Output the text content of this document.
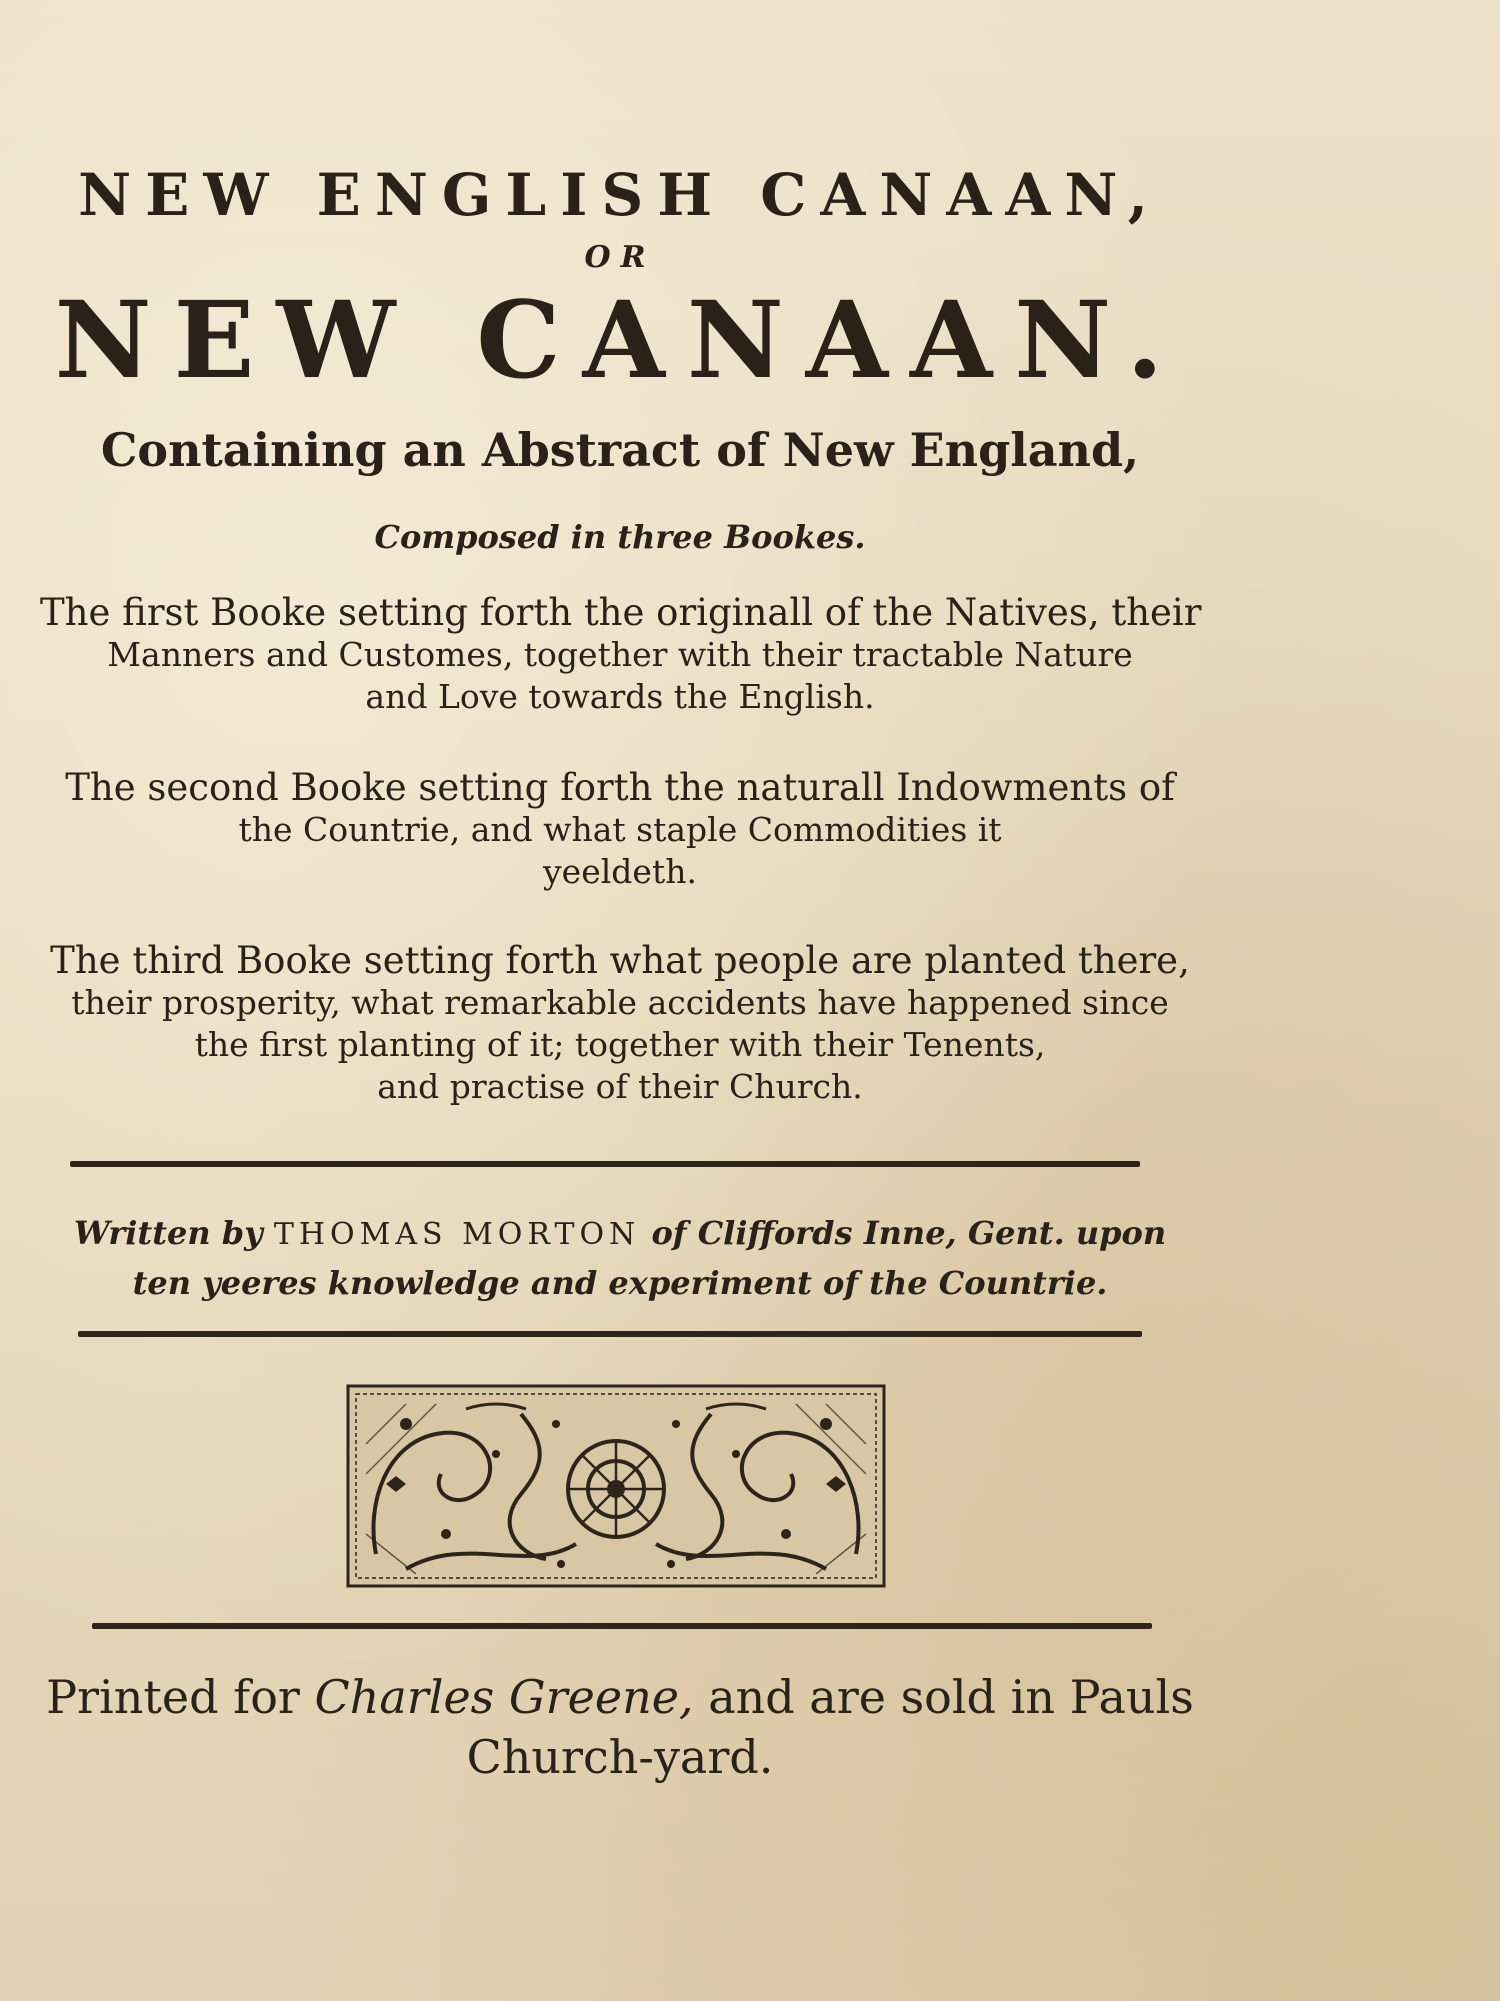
NEW ENGLISH CANAAN,
OR
NEW CANAAN.
Containing an Abstract of New England,
Composed in three Bookes.
The first Booke setting forth the originall of the Natives, their
Manners and Customes, together with their tractable Nature
and Love towards the English.
The second Booke setting forth the naturall Indowments of
the Countrie, and what staple Commodities it
yeeldeth.
The third Booke setting forth what people are planted there,
their prosperity, what remarkable accidents have happened since
the first planting of it; together with their Tenents,
and practise of their Church.
Written by THOMAS MORTON of Cliffords Inne, Gent. upon
ten yeeres knowledge and experiment of the Countrie.
Printed for Charles Greene, and are sold in Pauls
Church-yard.
